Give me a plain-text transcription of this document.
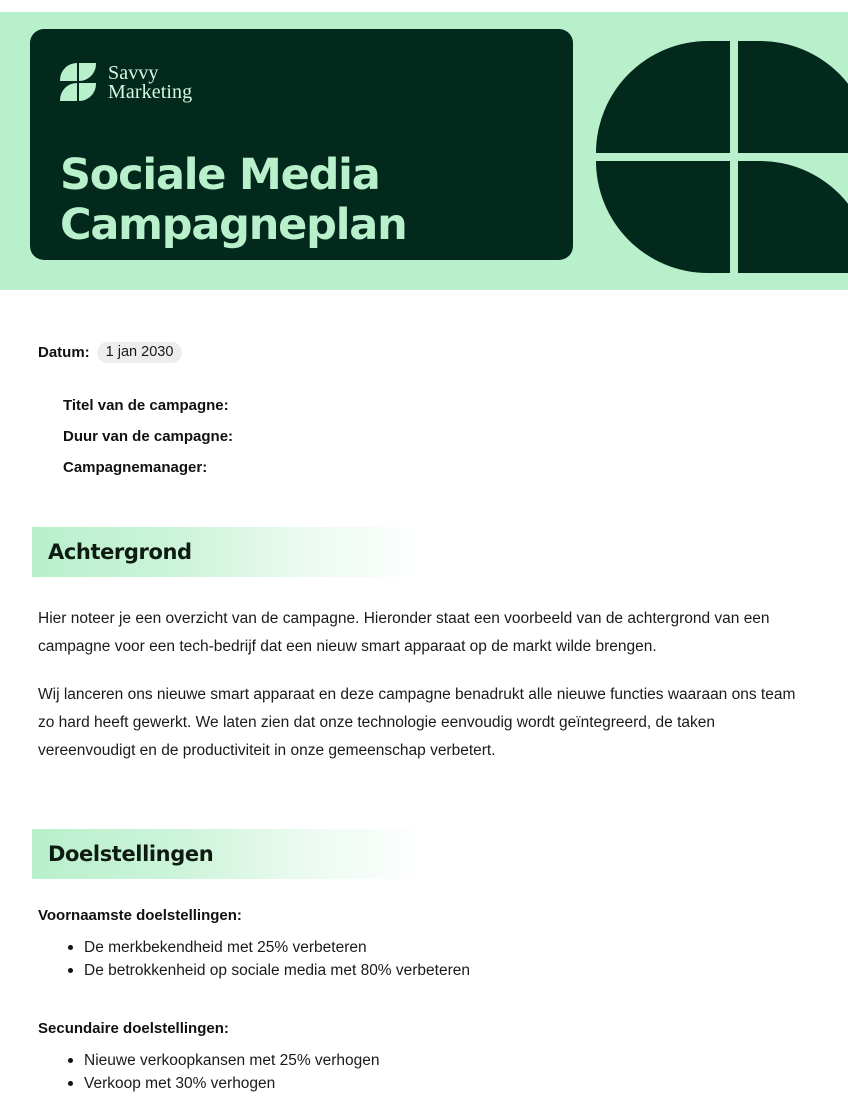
Savvy
Marketing
Sociale Media
Campagneplan
Datum:	1 jan 2030
Titel van de campagne:
Duur van de campagne:
Campagnemanager:
Achtergrond

Hier noteer je een overzicht van de campagne. Hieronder staat een voorbeeld van de achtergrond van een campagne voor een tech-bedrijf dat een nieuw smart apparaat op de markt wilde brengen.

Wij lanceren ons nieuwe smart apparaat en deze campagne benadrukt alle nieuwe functies waaraan ons team zo hard heeft gewerkt. We laten zien dat onze technologie eenvoudig wordt geïntegreerd, de taken vereenvoudigt en de productiviteit in onze gemeenschap verbetert.

Doelstellingen

Voornaamste doelstellingen:

De merkbekendheid met 25% verbeteren
De betrokkenheid op sociale media met 80% verbeteren

Secundaire doelstellingen:

Nieuwe verkoopkansen met 25% verhogen
Verkoop met 30% verhogen
